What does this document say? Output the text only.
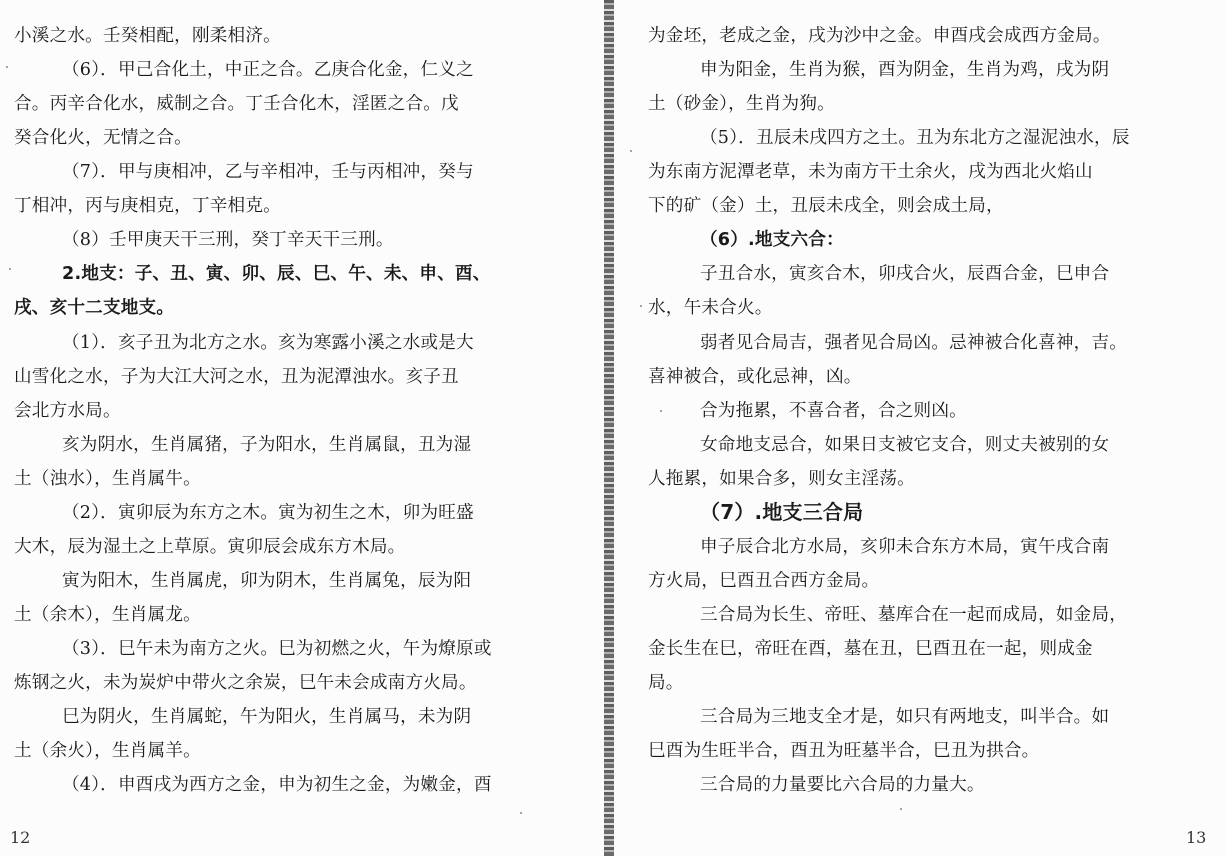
小溪之水。壬癸相配，刚柔相济。
（6）．甲己合化土，中正之合。乙庚合化金，仁义之
合。丙辛合化水，威制之合。丁壬合化木，淫匿之合。戊
癸合化火，无情之合。
（7）．甲与庚相冲，乙与辛相冲，壬与丙相冲，癸与
丁相冲，丙与庚相克，丁辛相克。
（8）壬甲庚天干三刑，癸丁辛天干三刑。
2.地支：子、丑、寅、卯、辰、巳、午、未、申、酉、
戌、亥十二支地支。
（1）．亥子丑为北方之水。亥为寒露小溪之水或是大
山雪化之水，子为大江大河之水，丑为泥潭浊水。亥子丑
会北方水局。
亥为阴水，生肖属猪，子为阳水，生肖属鼠，丑为湿
土（浊水），生肖属牛。
（2）．寅卯辰为东方之木。寅为初生之木，卯为旺盛
大木，辰为湿土之上草原。寅卯辰会成东方木局。
寅为阳木，生肖属虎，卯为阴木，生肖属兔，辰为阳
土（余木），生肖属龙。
（3）．巳午未为南方之火。巳为初燃之火，午为燎原或
炼钢之火，未为炭炉中带火之余炭，巳午未会成南方火局。
巳为阴火，生肖属蛇，午为阳火，生肖属马，未为阴
土（余火），生肖属羊。
（4）．申酉戌为西方之金，申为初生之金，为嫩金，酉
12
为金坯，老成之金，戌为沙中之金。申酉戌会成西方金局。
申为阳金，生肖为猴，酉为阴金，生肖为鸡，戌为阴
土（砂金），生肖为狗。
（5）．丑辰未戌四方之土。丑为东北方之湿泥浊水，辰
为东南方泥潭老草，未为南方干土余火，戌为西北火焰山
下的矿（金）土，丑辰未戌全，则会成土局，
（6）.地支六合：
子丑合水，寅亥合木，卯戌合火，辰酉合金，巳申合
水，午未合火。
弱者见合局吉，强者见合局凶。忌神被合化喜神，吉。
喜神被合，或化忌神，凶。
合为拖累，不喜合者，合之则凶。
女命地支忌合，如果日支被它支合，则丈夫被别的女
人拖累，如果合多，则女主淫荡。
（7）.地支三合局
申子辰合北方水局，亥卯未合东方木局，寅午戌合南
方火局，巳酉丑合西方金局。
三合局为长生、帝旺、墓库合在一起而成局，如金局，
金长生在巳，帝旺在酉，墓在丑，巳酉丑在一起，则成金
局。
三合局为三地支全才是，如只有两地支，叫半合。如
巳酉为生旺半合，酉丑为旺墓半合，巳丑为拱合。
三合局的力量要比六合局的力量大。
13
